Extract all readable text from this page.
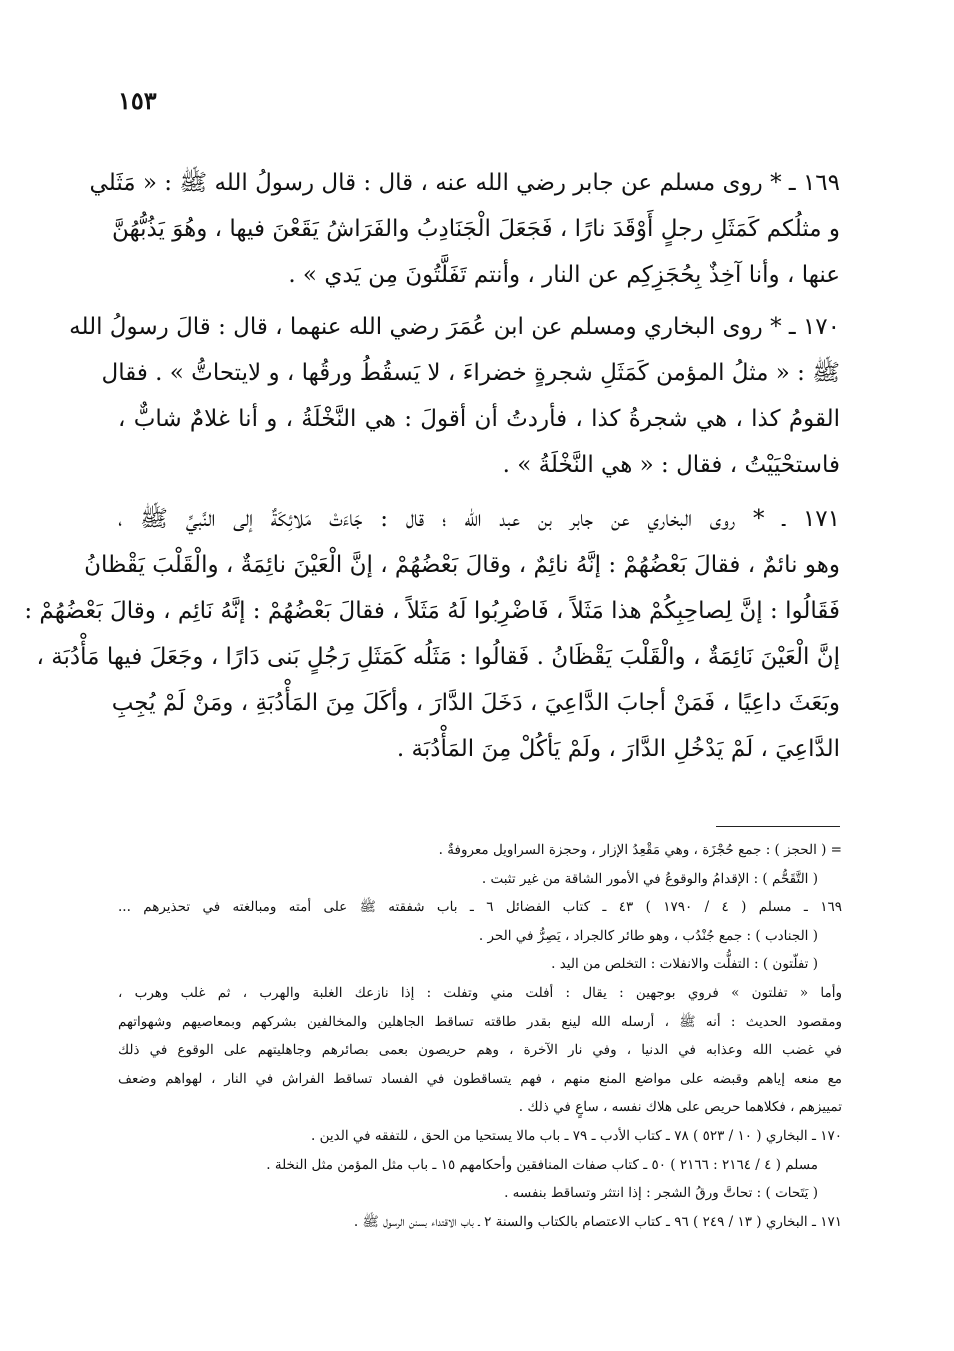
١٥٣
١٦٩ ـ * روى مسلم عن جابر رضي الله عنه ، قال : قال رسولُ الله ﷺ : « مَثَلي
و مثلُكم كَمَثَلِ رجلٍ أَوْقَدَ نارًا ، فَجَعَلَ الْجَنَادِبُ والفَرَاشُ يَقَعْنَ فيها ، وهُوَ يَذُبُّهُنَّ
عنها ، وأنا آخِذٌ بِحُجَزِكِم عن النار ، وأنتم تَفَلَّتُونَ مِن يَدي » .
١٧٠ ـ * روى البخاري ومسلم عن ابن عُمَرَ رضي الله عنهما ، قال : قالَ رسولُ الله
ﷺ : « مثلُ المؤمن كَمَثَلِ شجرةٍ خضراءَ ، لا يَسقُطُ ورقُها ، و لايتحاتُّ » . فقال
القومُ كذا ، هي شجرةُ كذا ، فأردتُ أن أقولَ : هي النَّخْلَةُ ، و أنا غلامٌ شابٌّ ،
فاستحْيَيْتُ ، فقال : « هي النَّخْلَةُ » .
١٧١ ـ * روى البخاري عن جابر بن عبد الله ؛ قال : جَاءَتْ مَلائِكَةٌ إلى النَّبيِّ ﷺ ،
وهو نائمٌ ، فقالَ بَعْضُهُمْ : إنَّهُ نائِمٌ ، وقالَ بَعْضُهُمْ ، إنَّ الْعَيْنَ نائِمَةٌ ، والْقَلْبَ يَقْظانُ
فَقَالُوا : إنَّ لِصاحِبِكُمْ هذا مَثَلاً ، فَاضْرِبُوا لَهُ مَثَلاً ، فقالَ بَعْضُهُمْ : إنَّهُ نَائِم ، وقالَ بَعْضُهُمْ :
إنَّ الْعَيْنَ نَائِمَةٌ ، والْقَلْبَ يَقْظَانُ . فَقالُوا : مَثَلُه كَمَثَلِ رَجُلٍ بَنى دَارًا ، وجَعَلَ فيها مَأْدُبَة ،
وبَعَثَ داعِيًا ، فَمَنْ أجابَ الدَّاعِيَ ، دَخَلَ الدَّارَ ، وأكَلَ مِنَ المَأْدُبَةِ ، ومَنْ لَمْ يُجِبِ
الدَّاعِيَ ، لَمْ يَدْخُلِ الدَّارَ ، ولَمْ يَأكُلْ مِنَ المَأْدُبَة .
= ( الحجز ) : جمع حُجْزَة ، وهي مَقْعِدُ الإزار ، وحجزة السراويل معروفةٌ .
( التَّقَحُّم ) : الإقدامُ والوقوعُ في الأمور الشاقة من غير تثبت .
١٦٩ ـ مسلم ( ٤ / ١٧٩٠ ) ٤٣ ـ كتاب الفضائل ٦ ـ باب شفقته ﷺ على أمته ومبالغته في تحذيرهم ...
( الجنادب ) : جمع جُنْدُب ، وهو طائر كالجراد ، يَصِرُّ في الحر .
( تفلّتون ) : التفلُّت والانفلات : التخلص من اليد .
وأما « تفلتون » فروي بوجهين : يقال : أفلت مني وتفلت : إذا نازعك الغلبة والهرب ، ثم غلب وهرب ،
ومقصود الحديث : أنه ﷺ ، أرسله الله لينع بقدر طاقته تساقط الجاهلين والمخالفين بشركهم وبمعاصيهم وشهواتهم
في غضب الله وعذابه في الدنيا ، وفي نار الآخرة ، وهم حريصون بعمى بصائرهم وجاهليتهم على الوقوع في ذلك
مع منعه إياهم وقبضه على مواضع المنع منهم ، فهم يتساقطون في الفساد تساقط الفراش في النار ، لهواهم وضعف
تمييزهم ، فكلاهما حريص على هلاك نفسه ، ساعٍ في ذلك .
١٧٠ ـ البخاري ( ١٠ / ٥٢٣ ) ٧٨ ـ كتاب الأدب ـ ٧٩ ـ باب مالا يستحيا من الحق ، للتفقه في الدين .
مسلم ( ٤ / ٢١٦٤ : ٢١٦٦ ) ٥٠ ـ كتاب صفات المنافقين وأحكامهم ١٥ ـ باب مثل المؤمن مثل النخلة .
( يَتَحات ) : تحاتَّ ورقُ الشجر : إذا انتثر وتساقط بنفسه .
١٧١ ـ البخاري ( ١٣ / ٢٤٩ ) ٩٦ ـ كتاب الاعتصام بالكتاب والسنة ٢ ـ باب الاقتداء بسنن الرسول ﷺ .
